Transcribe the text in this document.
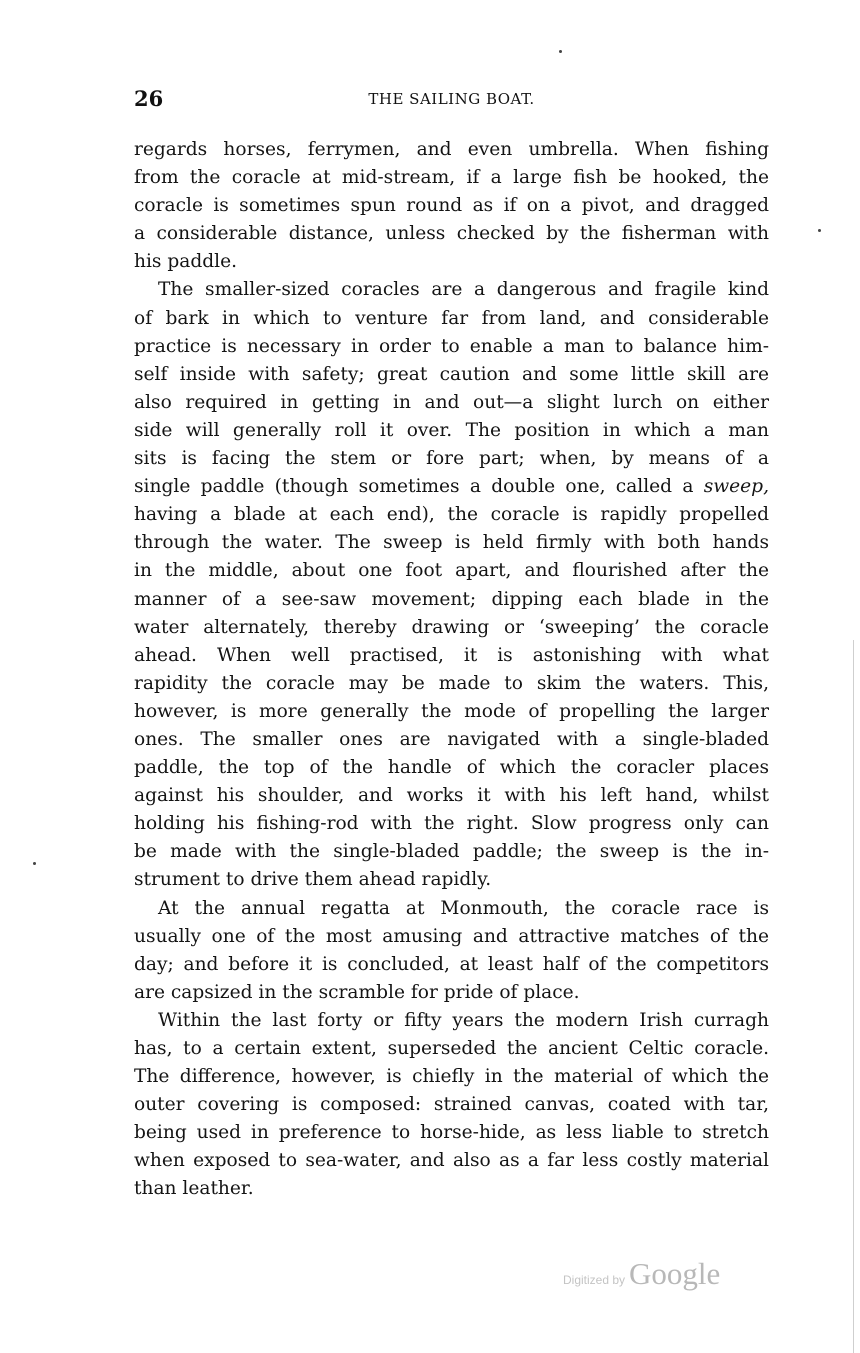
26	THE SAILING BOAT.
regards horses, ferrymen, and even umbrella. When fishing
from the coracle at mid-stream, if a large fish be hooked, the
coracle is sometimes spun round as if on a pivot, and dragged
a considerable distance, unless checked by the fisherman with
his paddle.
The smaller-sized coracles are a dangerous and fragile kind
of bark in which to venture far from land, and considerable
practice is necessary in order to enable a man to balance him-
self inside with safety; great caution and some little skill are
also required in getting in and out—a slight lurch on either
side will generally roll it over. The position in which a man
sits is facing the stem or fore part; when, by means of a
single paddle (though sometimes a double one, called a sweep,
having a blade at each end), the coracle is rapidly propelled
through the water. The sweep is held firmly with both hands
in the middle, about one foot apart, and flourished after the
manner of a see-saw movement; dipping each blade in the
water alternately, thereby drawing or ‘sweeping’ the coracle
ahead. When well practised, it is astonishing with what
rapidity the coracle may be made to skim the waters. This,
however, is more generally the mode of propelling the larger
ones. The smaller ones are navigated with a single-bladed
paddle, the top of the handle of which the coracler places
against his shoulder, and works it with his left hand, whilst
holding his fishing-rod with the right. Slow progress only can
be made with the single-bladed paddle; the sweep is the in-
strument to drive them ahead rapidly.
At the annual regatta at Monmouth, the coracle race is
usually one of the most amusing and attractive matches of the
day; and before it is concluded, at least half of the competitors
are capsized in the scramble for pride of place.
Within the last forty or fifty years the modern Irish curragh
has, to a certain extent, superseded the ancient Celtic coracle.
The difference, however, is chiefly in the material of which the
outer covering is composed: strained canvas, coated with tar,
being used in preference to horse-hide, as less liable to stretch
when exposed to sea-water, and also as a far less costly material
than leather.
Digitized by Google
